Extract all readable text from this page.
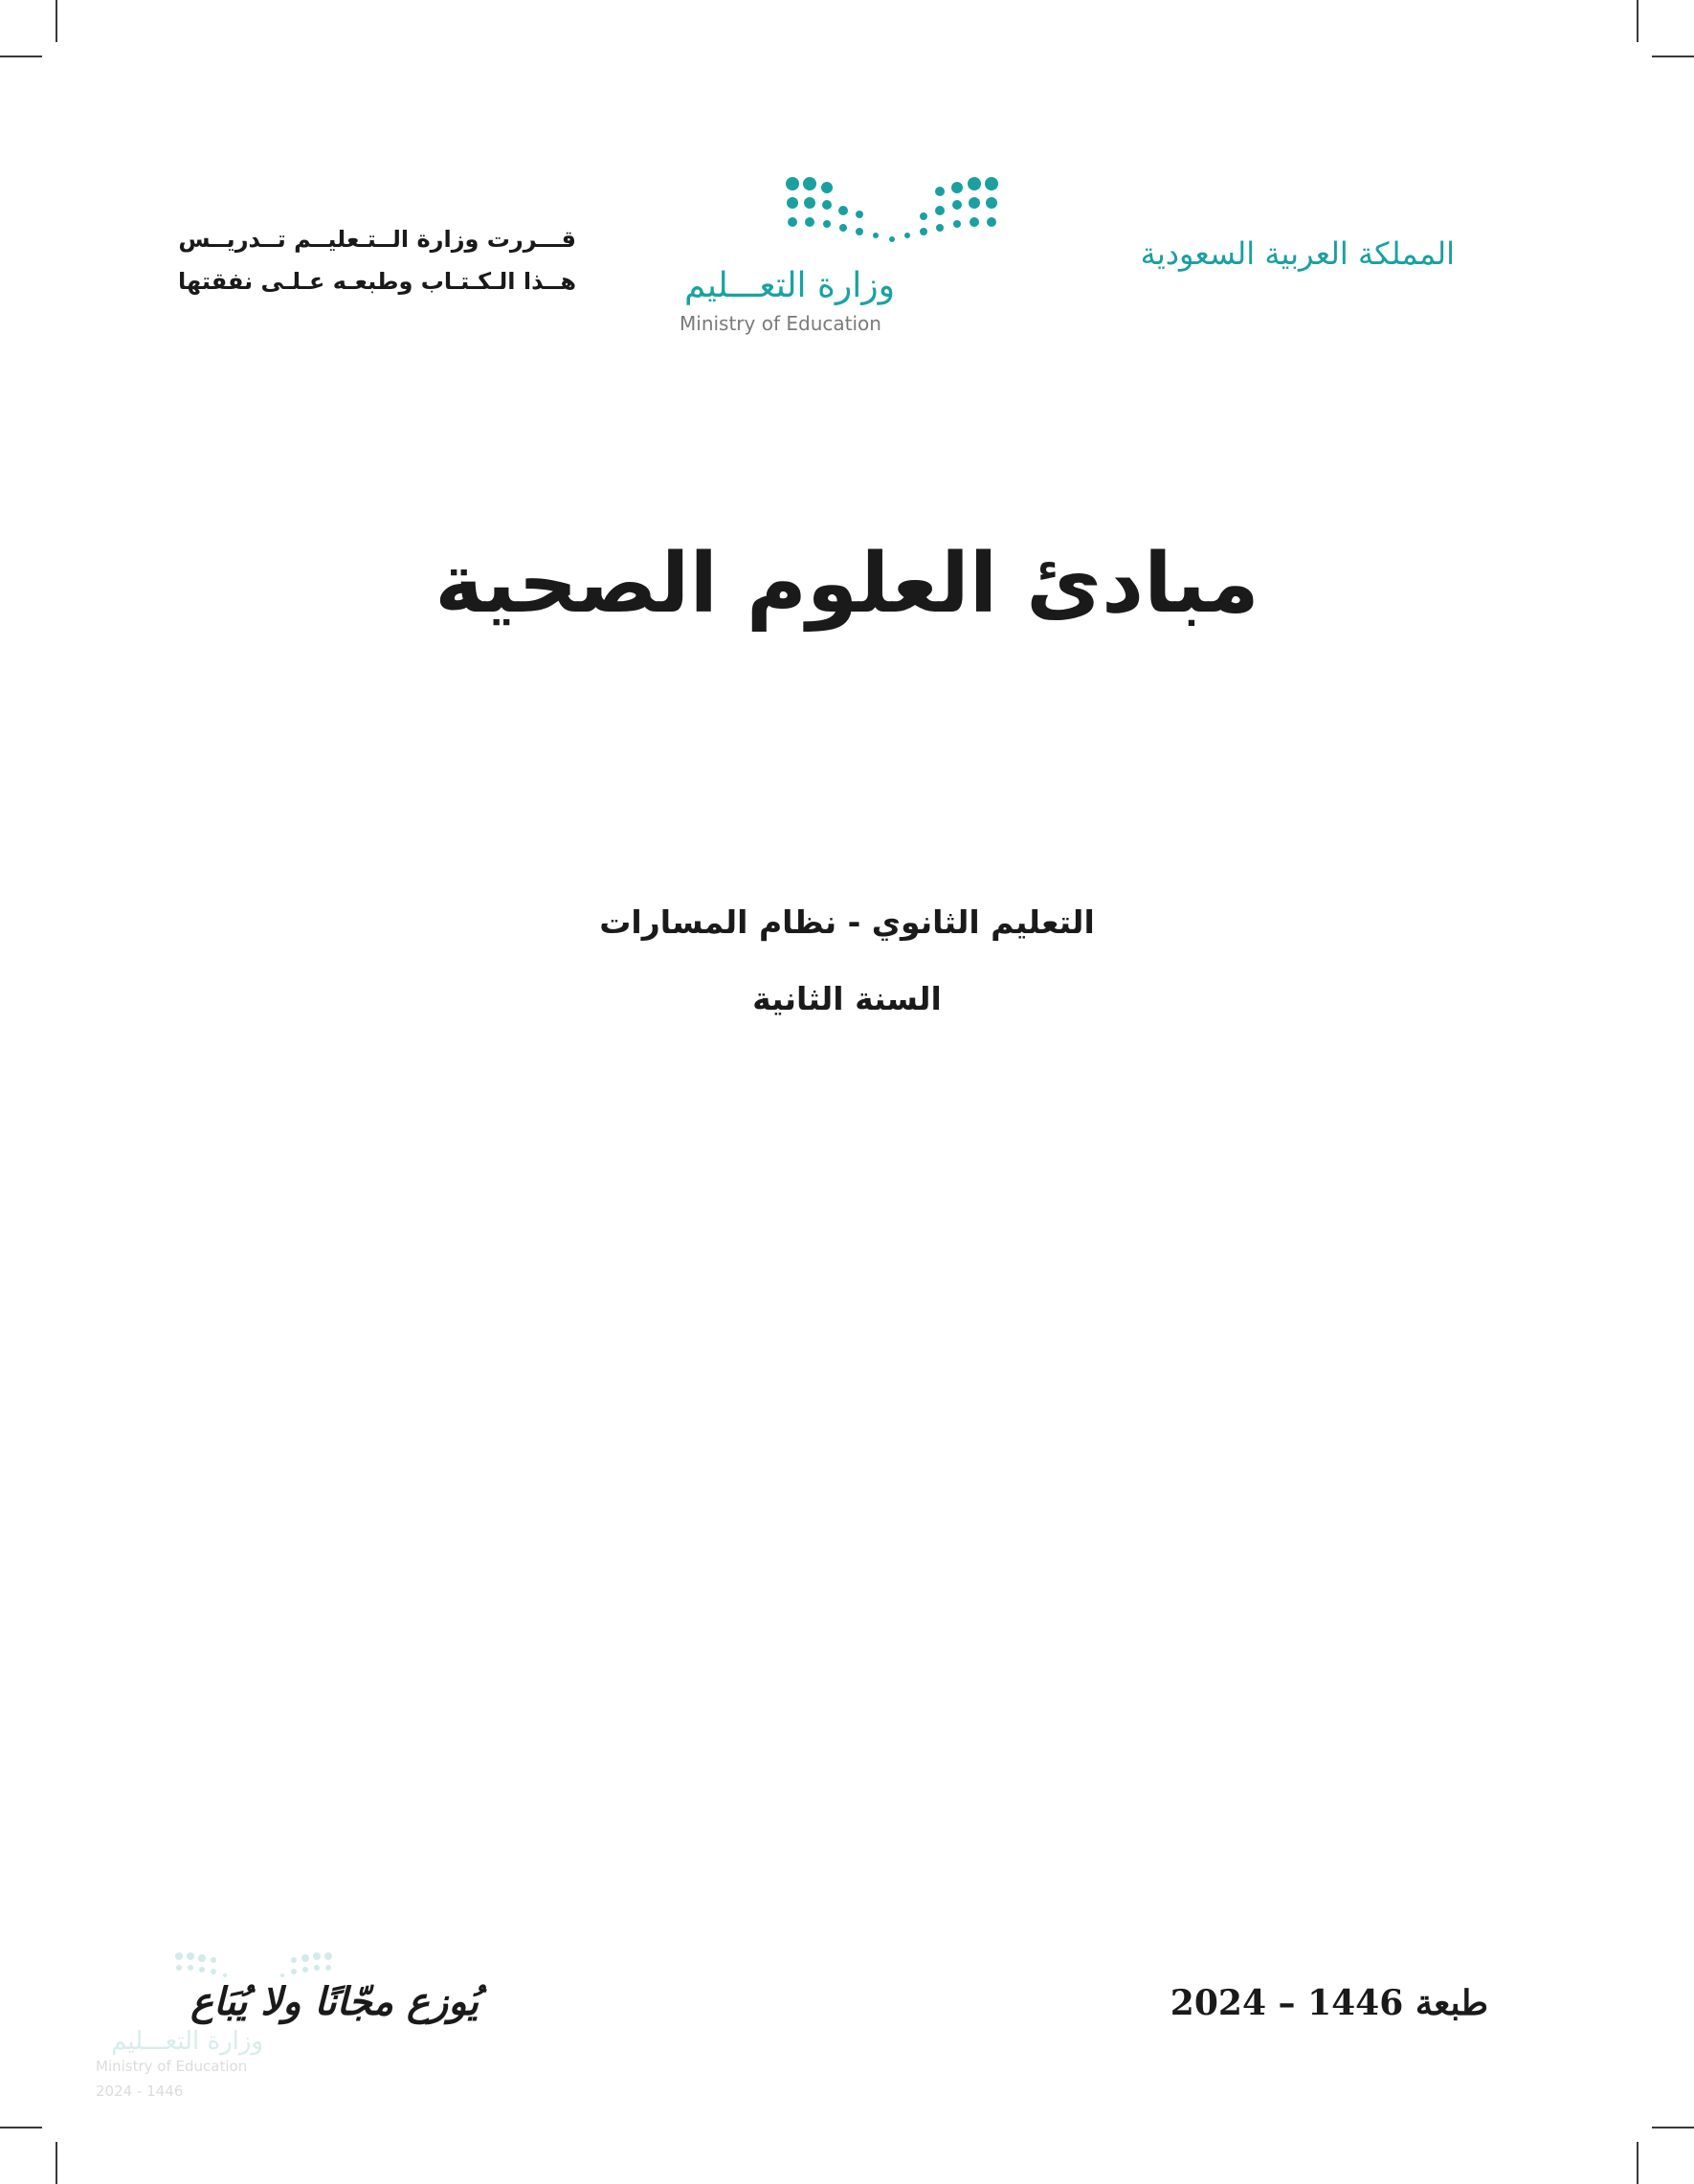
المملكة العربية السعودية
قـــررت وزارة الــتـعليــم تــدريــس
هــذا الـكـتـاب وطبعـه عـلـى نفقتها	وزارة التعـــليم
Ministry of Education
مبادئ العلوم الصحية
التعليم الثانوي - نظام المسارات
السنة الثانية
وزارة التعـــليم
Ministry of Education
2024 - 1446
يُوزع مجّانًا ولا يُبَاع	طبعة 1446 – 2024
